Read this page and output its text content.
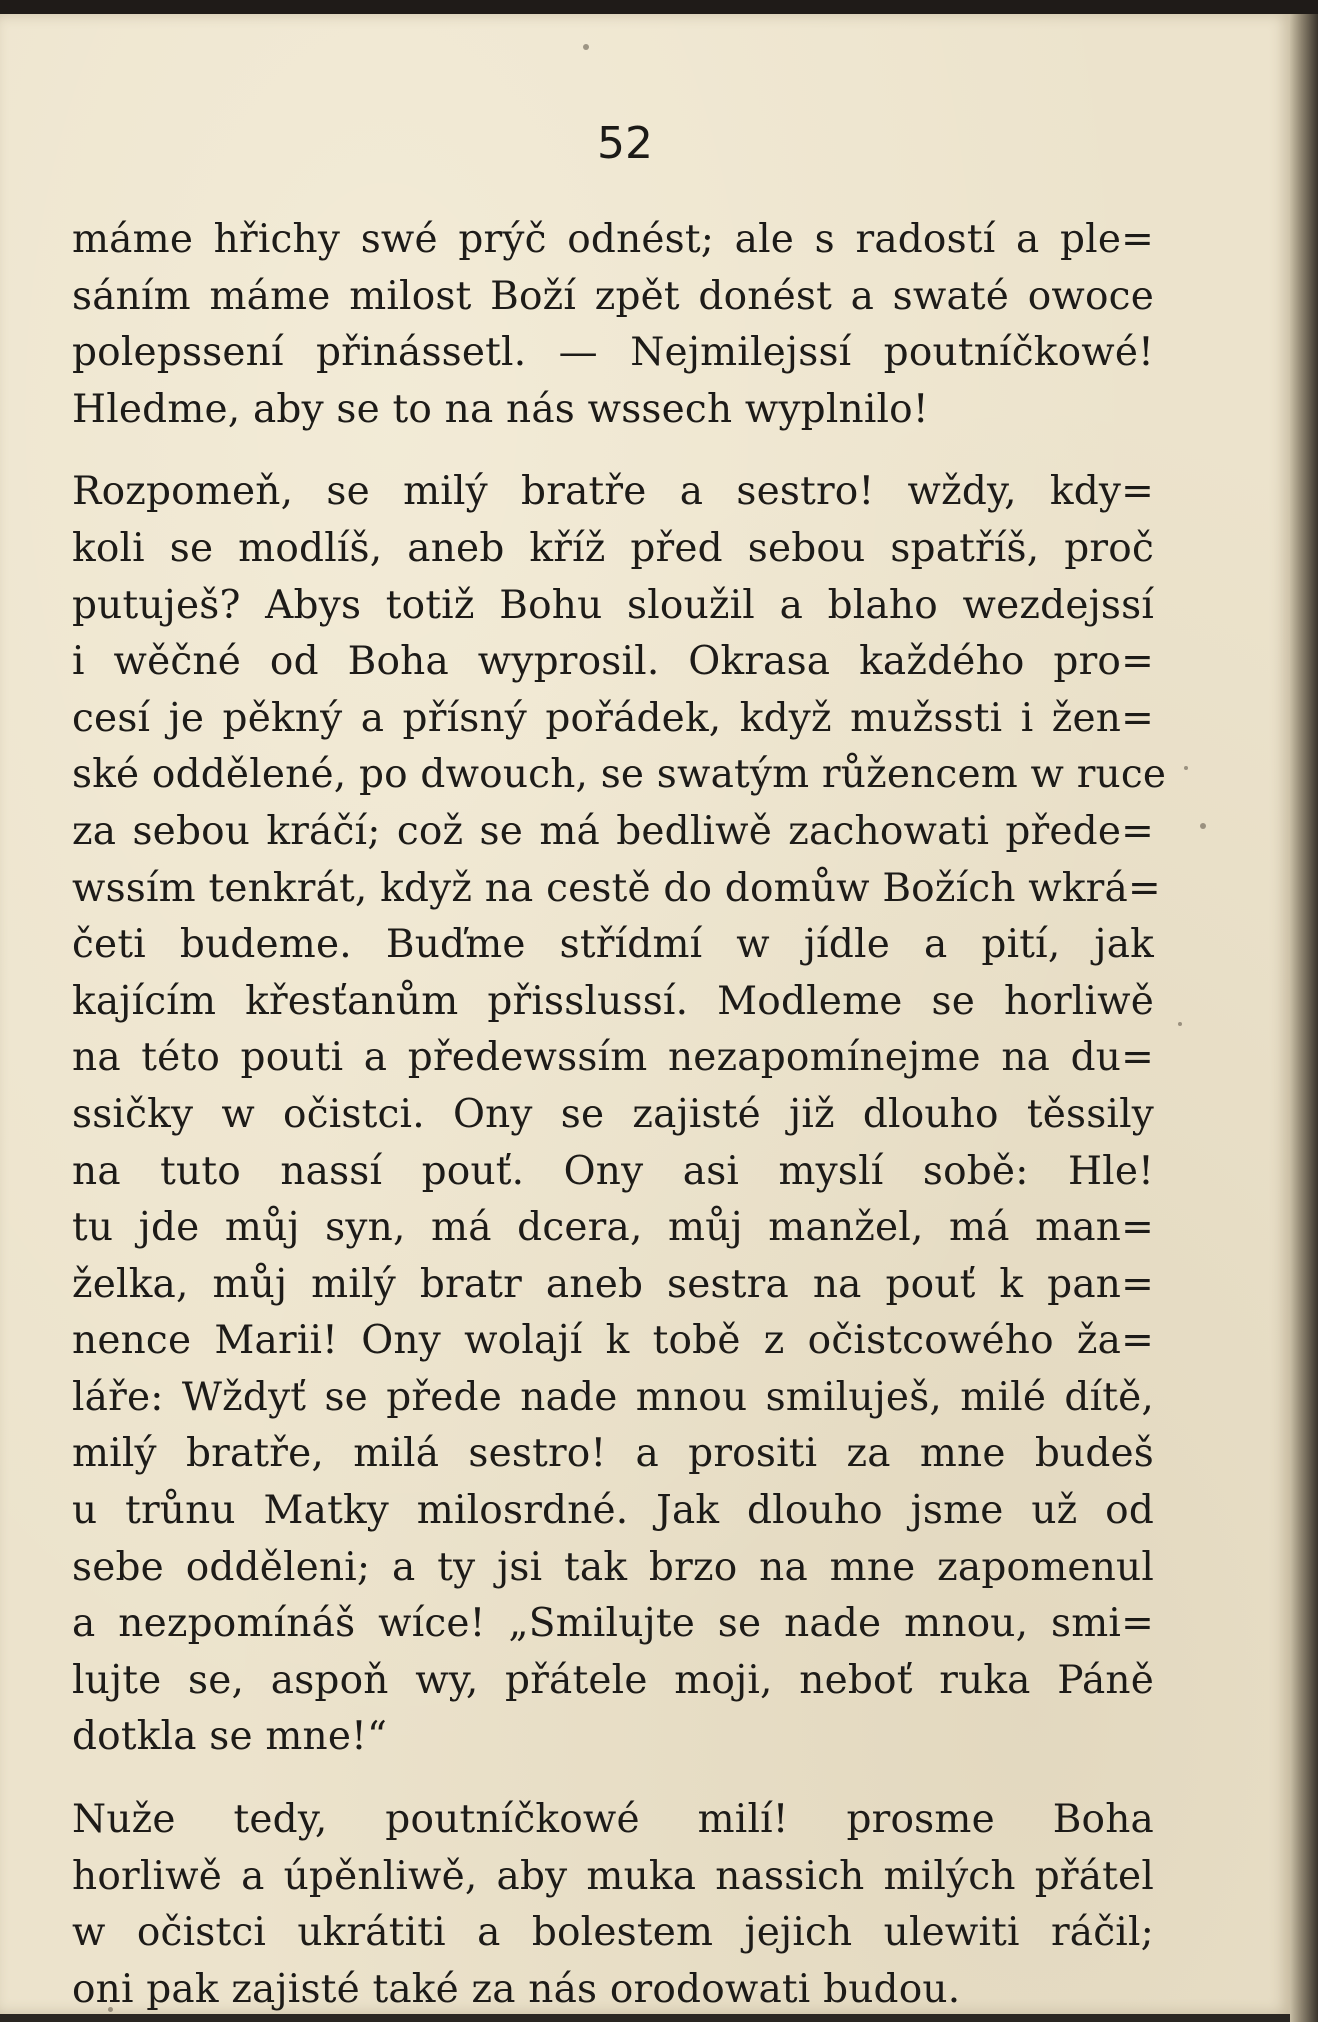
52

máme hřichy swé prýč odnést; ale s radostí a ple=
sáním máme milost Boží zpět donést a swaté owoce
polepssení přinássetl. — Nejmilejssí poutníčkowé!
Hledme, aby se to na nás wssech wyplnilo!

Rozpomeň, se milý bratře a sestro! wždy, kdy=
koli se modlíš, aneb kříž před sebou spatříš, proč
putuješ? Abys totiž Bohu sloužil a blaho wezdejssí
i wěčné od Boha wyprosil. Okrasa každého pro=
cesí je pěkný a přísný pořádek, když mužssti i žen=
ské oddělené, po dwouch, se swatým růžencem w ruce
za sebou kráčí; což se má bedliwě zachowati přede=
wssím tenkrát, když na cestě do domůw Božích wkrá=
četi budeme. Buďme střídmí w jídle a pití, jak
kajícím křesťanům přisslussí. Modleme se horliwě
na této pouti a předewssím nezapomínejme na du=
ssičky w očistci. Ony se zajisté již dlouho těssily
na tuto nassí pouť. Ony asi myslí sobě: Hle!
tu jde můj syn, má dcera, můj manžel, má man=
želka, můj milý bratr aneb sestra na pouť k pan=
nence Marii! Ony wolají k tobě z očistcowého ža=
láře: Wždyť se přede nade mnou smiluješ, milé dítě,
milý bratře, milá sestro! a prositi za mne budeš
u trůnu Matky milosrdné. Jak dlouho jsme už od
sebe odděleni; a ty jsi tak brzo na mne zapomenul
a nezpomínáš wíce! „Smilujte se nade mnou, smi=
lujte se, aspoň wy, přátele moji, neboť ruka Páně
dotkla se mne!“

Nuže tedy, poutníčkowé milí! prosme Boha
horliwě a úpěnliwě, aby muka nassich milých přátel
w očistci ukrátiti a bolestem jejich ulewiti ráčil;
oni pak zajisté také za nás orodowati budou.
